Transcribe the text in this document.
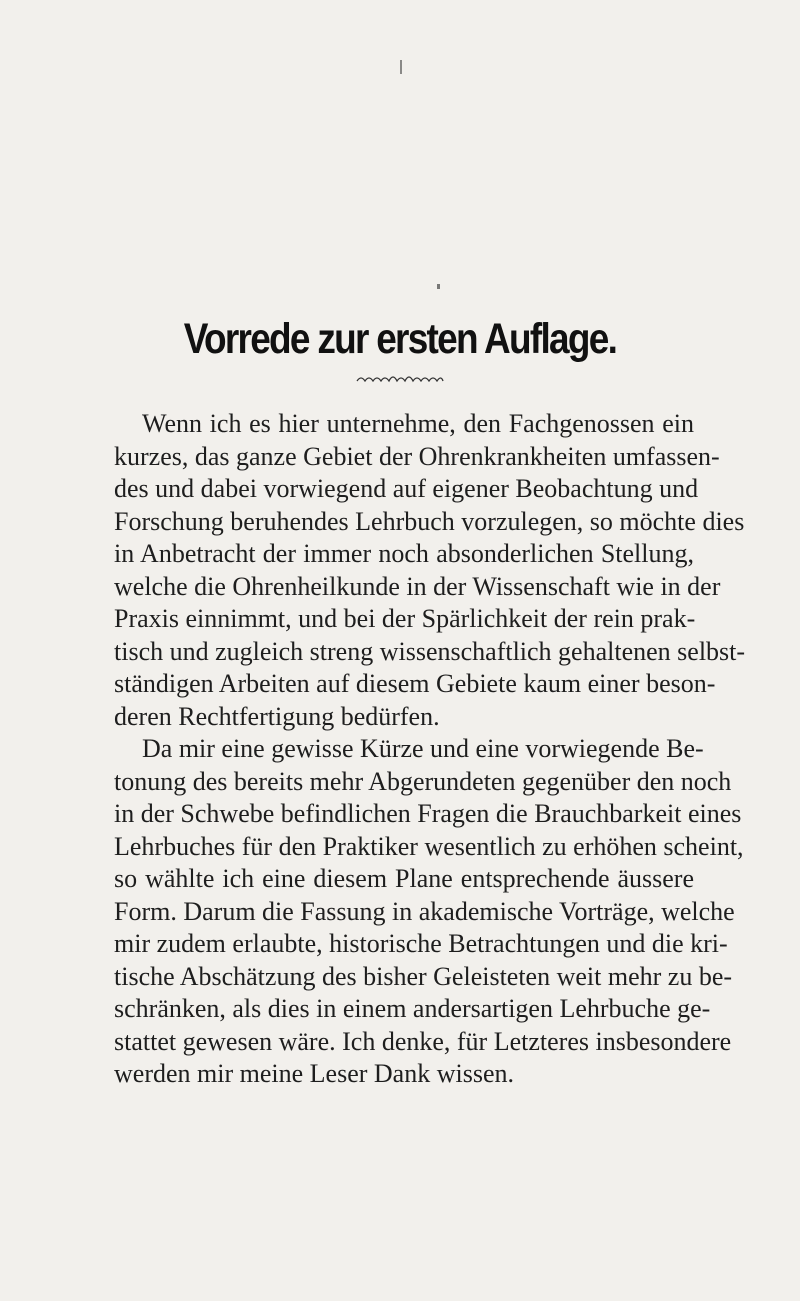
Vorrede zur ersten Auflage.
Wenn ich es hier unternehme, den Fachgenossen ein
kurzes, das ganze Gebiet der Ohrenkrankheiten umfassen-
des und dabei vorwiegend auf eigener Beobachtung und
Forschung beruhendes Lehrbuch vorzulegen, so möchte dies
in Anbetracht der immer noch absonderlichen Stellung,
welche die Ohrenheilkunde in der Wissenschaft wie in der
Praxis einnimmt, und bei der Spärlichkeit der rein prak-
tisch und zugleich streng wissenschaftlich gehaltenen selbst-
ständigen Arbeiten auf diesem Gebiete kaum einer beson-
deren Rechtfertigung bedürfen.
Da mir eine gewisse Kürze und eine vorwiegende Be-
tonung des bereits mehr Abgerundeten gegenüber den noch
in der Schwebe befindlichen Fragen die Brauchbarkeit eines
Lehrbuches für den Praktiker wesentlich zu erhöhen scheint,
so wählte ich eine diesem Plane entsprechende äussere
Form. Darum die Fassung in akademische Vorträge, welche
mir zudem erlaubte, historische Betrachtungen und die kri-
tische Abschätzung des bisher Geleisteten weit mehr zu be-
schränken, als dies in einem andersartigen Lehrbuche ge-
stattet gewesen wäre. Ich denke, für Letzteres insbesondere
werden mir meine Leser Dank wissen.
